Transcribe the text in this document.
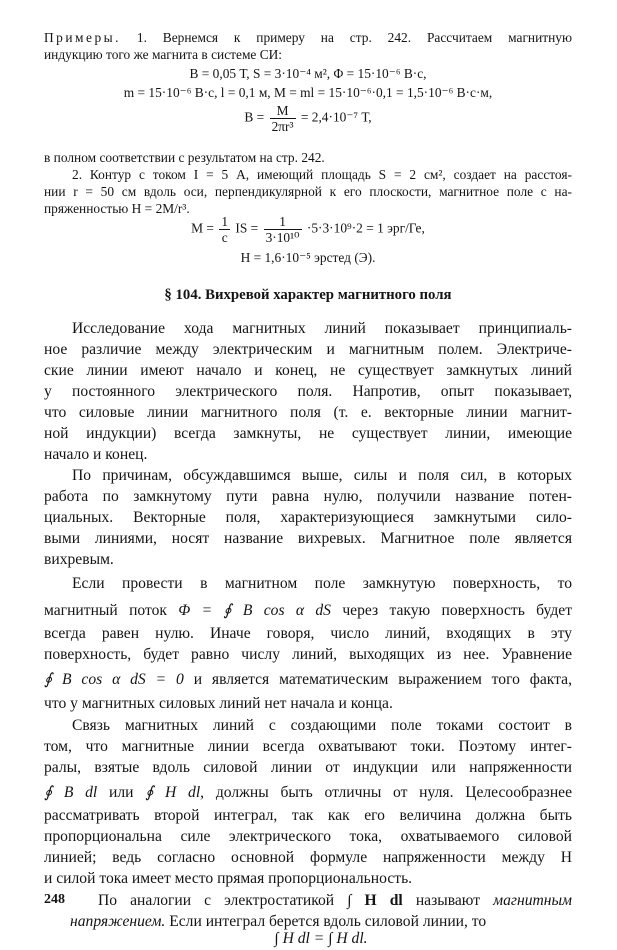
Примеры. 1. Вернемся к примеру на стр. 242. Рассчитаем магнитную
индукцию того же магнита в системе СИ:
B = 0,05 Т, S = 3·10⁻⁴ м², Φ = 15·10⁻⁶ В·с,
m = 15·10⁻⁶ В·с, l = 0,1 м, M = ml = 15·10⁻⁶·0,1 = 1,5·10⁻⁶ В·с·м,
$B = \frac{M}{\text{2πr³}} = 2,4\cdot 10^{-7}$ Т,
в полном соответствии с результатом на стр. 242.
2. Контур с током I = 5 А, имеющий площадь S = 2 см², создает на расстоя-
нии r = 50 см вдоль оси, перпендикулярной к его плоскости, магнитное поле с на-
пряженностью H = 2M/r³.
$M = \frac{1}{c}$ IS = $\frac{1}{\text{3·10¹⁰}} \cdot 5\cdot 3\cdot 10^9\cdot 2 = 1$ эрг/Ге,
H = 1,6·10⁻⁵ эрстед (Э).
§ 104. Вихревой характер магнитного поля
Исследование хода магнитных линий показывает принципиаль-
ное различие между электрическим и магнитным полем. Электриче-
ские линии имеют начало и конец, не существует замкнутых линий
у постоянного электрического поля. Напротив, опыт показывает,
что силовые линии магнитного поля (т. е. векторные линии магнит-
ной индукции) всегда замкнуты, не существует линии, имеющие
начало и конец.
По причинам, обсуждавшимся выше, силы и поля сил, в которых
работа по замкнутому пути равна нулю, получили название потен-
циальных. Векторные поля, характеризующиеся замкнутыми сило-
выми линиями, носят название вихревых. Магнитное поле является
вихревым.
Если провести в магнитном поле замкнутую поверхность, то
магнитный поток Φ = ∮ B cos α dS через такую поверхность будет
всегда равен нулю. Иначе говоря, число линий, входящих в эту
поверхность, будет равно числу линий, выходящих из нее. Уравнение
∮ B cos α dS = 0 и является математическим выражением того факта,
что у магнитных силовых линий нет начала и конца.
Связь магнитных линий с создающими поле токами состоит в
том, что магнитные линии всегда охватывают токи. Поэтому интег-
ралы, взятые вдоль силовой линии от индукции или напряженности
∮ B dl или ∮ H dl, должны быть отличны от нуля. Целесообразнее
рассматривать второй интеграл, так как его величина должна быть
пропорциональна силе электрического тока, охватываемого силовой
линией; ведь согласно основной формуле напряженности между H
и силой тока имеет место прямая пропорциональность.
По аналогии с электростатикой ∫ H dl называют магнитным
напряжением. Если интеграл берется вдоль силовой линии, то
∫ H dl = ∫ H dl.
248
